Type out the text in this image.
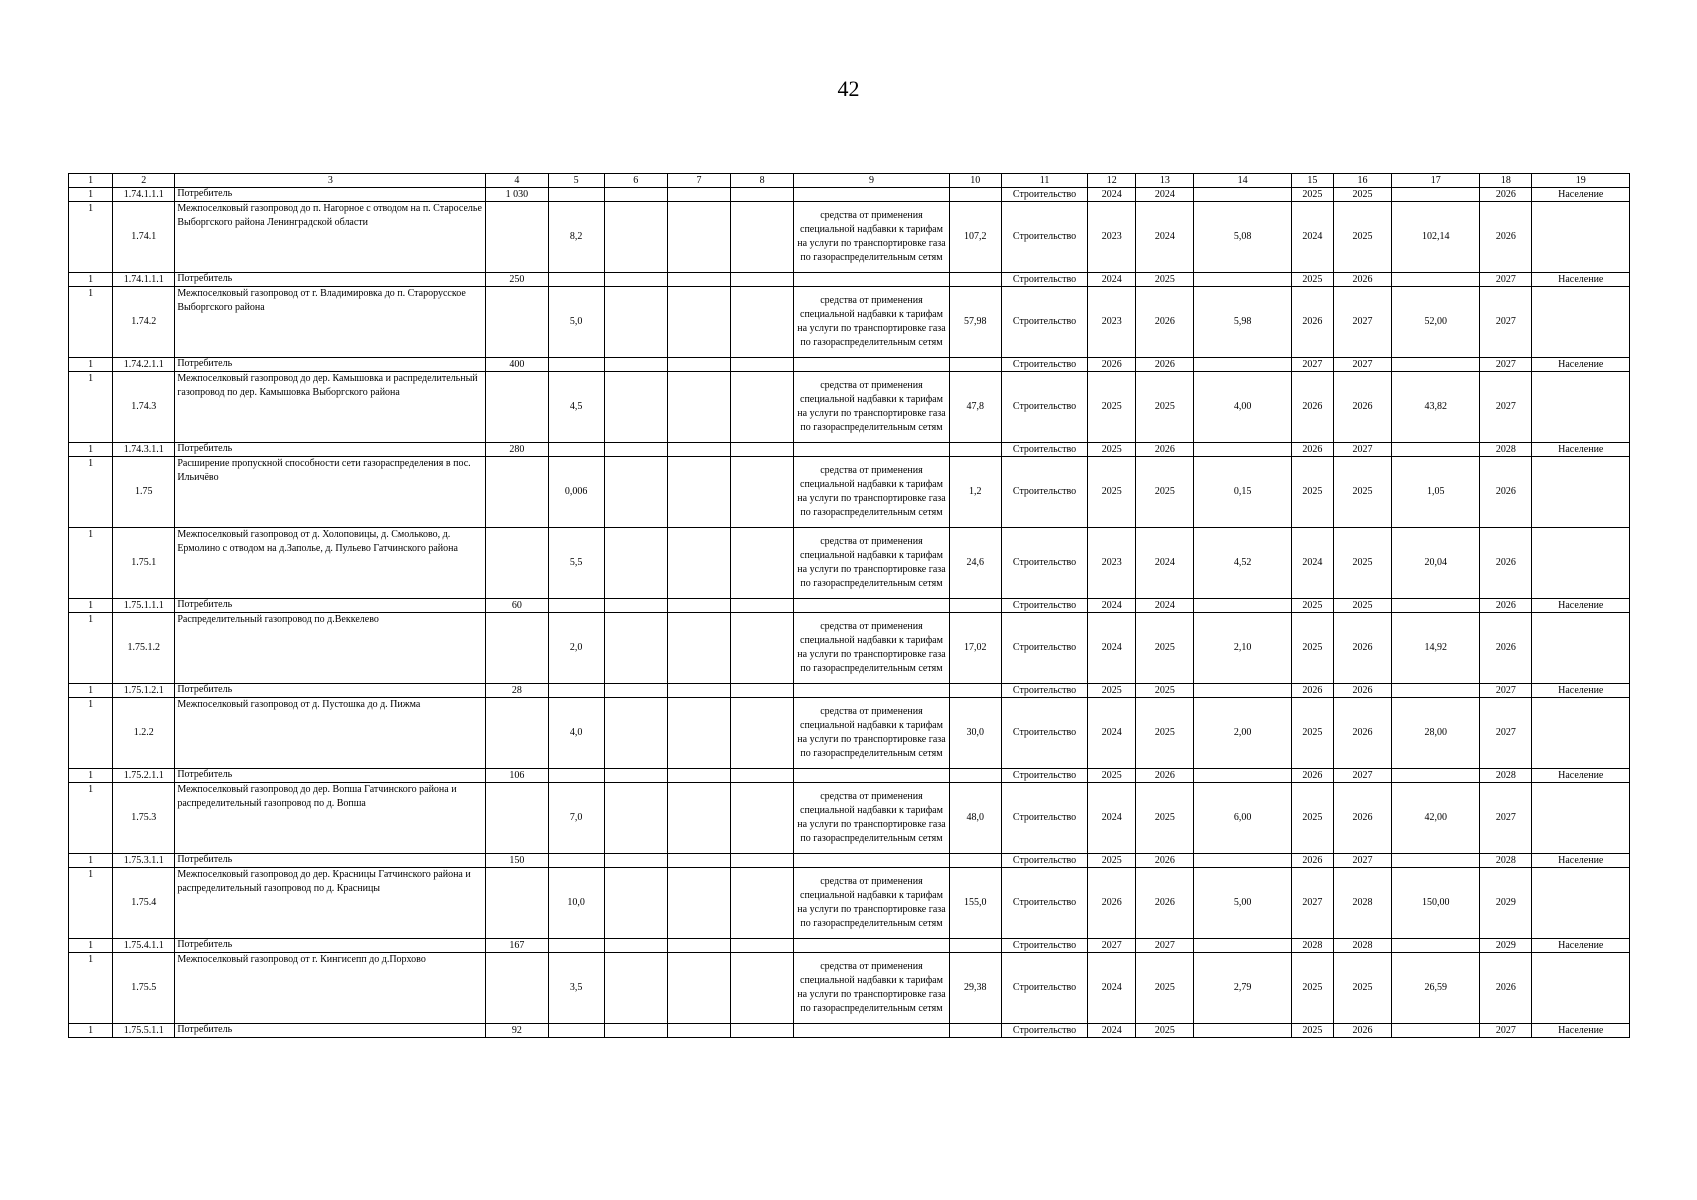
42
1	2	3	4	5	6	7	8	9	10	11	12	13	14	15	16	17	18	19
1	1.74.1.1.1	Потребитель	1 030							Строительство	2024	2024		2025	2025		2026	Население
1	1.74.1	Межпоселковый газопровод до п. Нагорное с отводом на п. Староселье Выборгского района Ленинградской области		8,2				средства от применения специальной надбавки к тарифам на услуги по транспортировке газа по газораспределительным сетям	107,2	Строительство	2023	2024	5,08	2024	2025	102,14	2026	
1	1.74.1.1.1	Потребитель	250							Строительство	2024	2025		2025	2026		2027	Население
1	1.74.2	Межпоселковый газопровод от г. Владимировка до п. Старорусское Выборгского района		5,0				средства от применения специальной надбавки к тарифам на услуги по транспортировке газа по газораспределительным сетям	57,98	Строительство	2023	2026	5,98	2026	2027	52,00	2027	
1	1.74.2.1.1	Потребитель	400							Строительство	2026	2026		2027	2027		2027	Население
1	1.74.3	Межпоселковый газопровод до дер. Камышовка и распределительный газопровод по дер. Камышовка Выборгского района		4,5				средства от применения специальной надбавки к тарифам на услуги по транспортировке газа по газораспределительным сетям	47,8	Строительство	2025	2025	4,00	2026	2026	43,82	2027	
1	1.74.3.1.1	Потребитель	280							Строительство	2025	2026		2026	2027		2028	Население
1	1.75	Расширение пропускной способности сети газораспределения в пос. Ильичёво		0,006				средства от применения специальной надбавки к тарифам на услуги по транспортировке газа по газораспределительным сетям	1,2	Строительство	2025	2025	0,15	2025	2025	1,05	2026	
1	1.75.1	Межпоселковый газопровод от д. Холоповицы, д. Смольково, д. Ермолино с отводом на д.Заполье, д. Пульево Гатчинского района		5,5				средства от применения специальной надбавки к тарифам на услуги по транспортировке газа по газораспределительным сетям	24,6	Строительство	2023	2024	4,52	2024	2025	20,04	2026	
1	1.75.1.1.1	Потребитель	60							Строительство	2024	2024		2025	2025		2026	Население
1	1.75.1.2	Распределительный газопровод по д.Веккелево		2,0				средства от применения специальной надбавки к тарифам на услуги по транспортировке газа по газораспределительным сетям	17,02	Строительство	2024	2025	2,10	2025	2026	14,92	2026	
1	1.75.1.2.1	Потребитель	28							Строительство	2025	2025		2026	2026		2027	Население
1	1.2.2	Межпоселковый газопровод от д. Пустошка до д. Пижма		4,0				средства от применения специальной надбавки к тарифам на услуги по транспортировке газа по газораспределительным сетям	30,0	Строительство	2024	2025	2,00	2025	2026	28,00	2027	
1	1.75.2.1.1	Потребитель	106							Строительство	2025	2026		2026	2027		2028	Население
1	1.75.3	Межпоселковый газопровод до дер. Вопша Гатчинского района и распределительный газопровод по д. Вопша		7,0				средства от применения специальной надбавки к тарифам на услуги по транспортировке газа по газораспределительным сетям	48,0	Строительство	2024	2025	6,00	2025	2026	42,00	2027	
1	1.75.3.1.1	Потребитель	150							Строительство	2025	2026		2026	2027		2028	Население
1	1.75.4	Межпоселковый газопровод до дер. Красницы Гатчинского района и распределительный газопровод по д. Красницы		10,0				средства от применения специальной надбавки к тарифам на услуги по транспортировке газа по газораспределительным сетям	155,0	Строительство	2026	2026	5,00	2027	2028	150,00	2029	
1	1.75.4.1.1	Потребитель	167							Строительство	2027	2027		2028	2028		2029	Население
1	1.75.5	Межпоселковый газопровод от г. Кингисепп до д.Порхово		3,5				средства от применения специальной надбавки к тарифам на услуги по транспортировке газа по газораспределительным сетям	29,38	Строительство	2024	2025	2,79	2025	2025	26,59	2026	
1	1.75.5.1.1	Потребитель	92							Строительство	2024	2025		2025	2026		2027	Население
